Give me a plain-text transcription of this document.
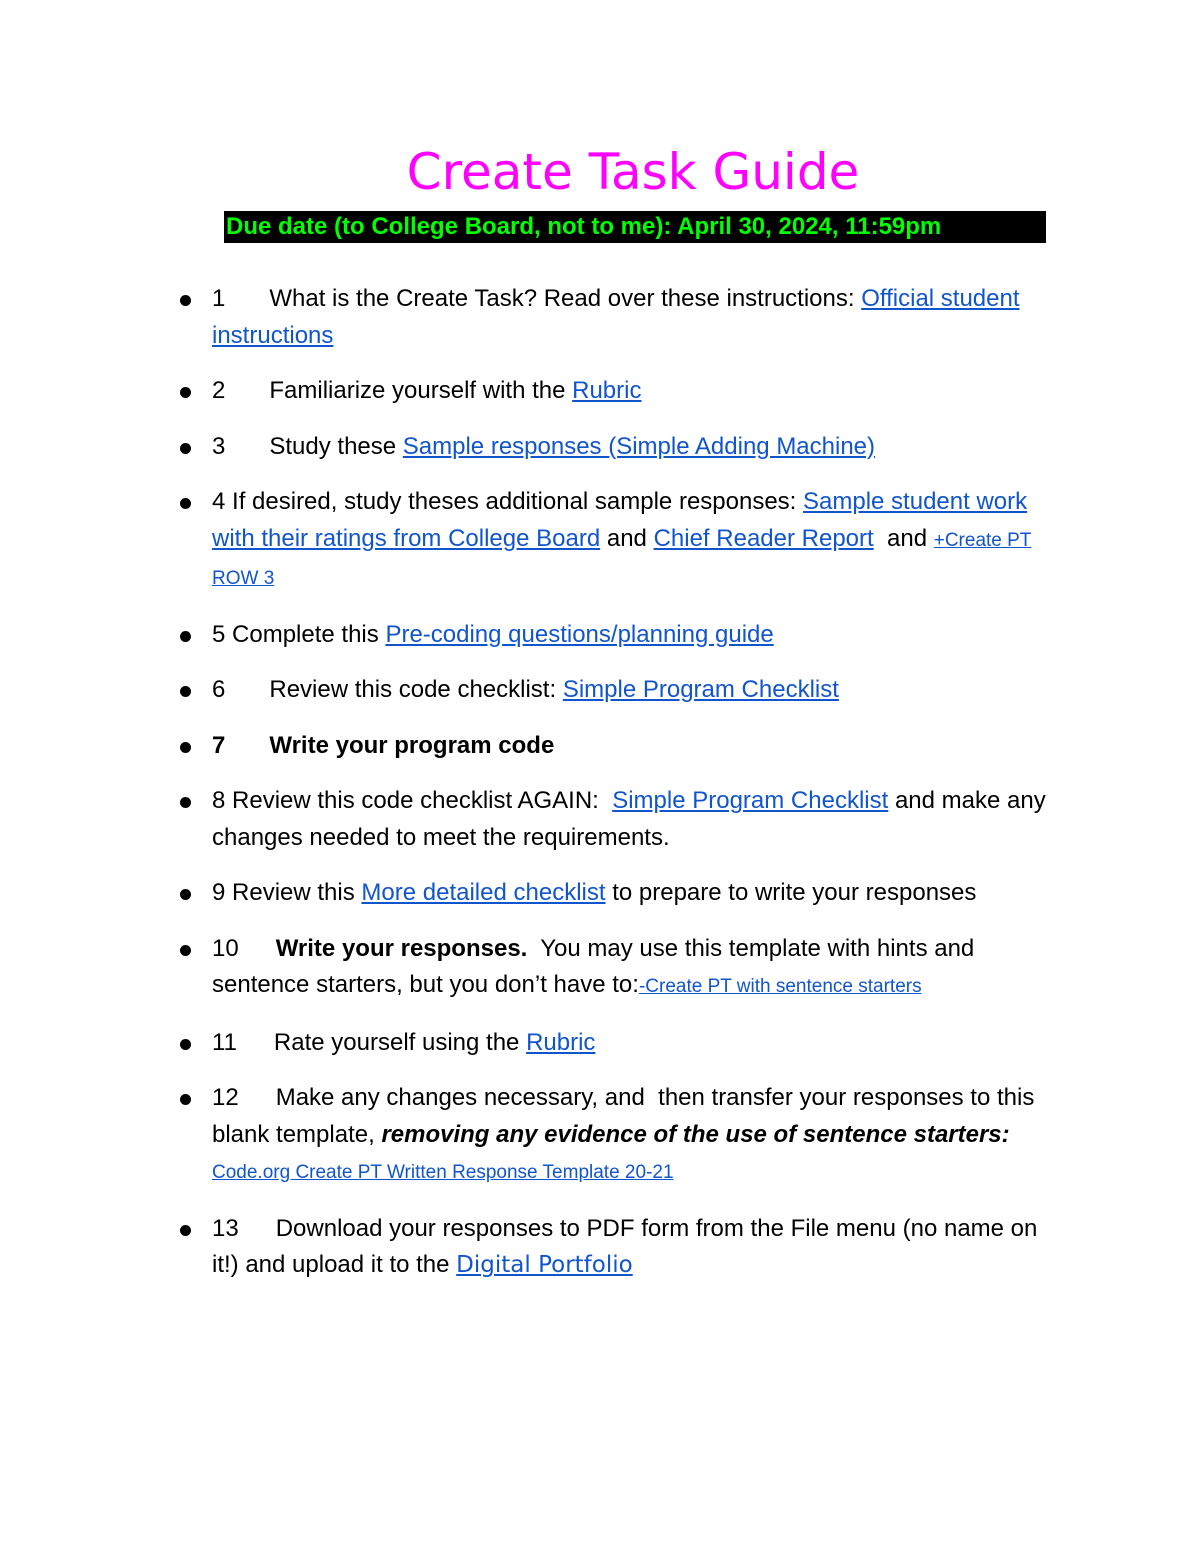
Create Task Guide
Due date (to College Board, not to me): April 30, 2024, 11:59pm
1 What is the Create Task? Read over these instructions: Official student instructions
2 Familiarize yourself with the Rubric
3 Study these Sample responses (Simple Adding Machine)
4 If desired, study theses additional sample responses: Sample student work with their ratings from College Board and Chief Reader Report  and +Create PT ROW 3
5 Complete this Pre-coding questions/planning guide
6 Review this code checklist: Simple Program Checklist
7 Write your program code
8 Review this code checklist AGAIN:  Simple Program Checklist and make any changes needed to meet the requirements.
9 Review this More detailed checklist to prepare to write your responses
10 Write your responses.  You may use this template with hints and sentence starters, but you don’t have to:-Create PT with sentence starters
11 Rate yourself using the Rubric
12 Make any changes necessary, and  then transfer your responses to this blank template, removing any evidence of the use of sentence starters: Code.org Create PT Written Response Template 20-21
13 Download your responses to PDF form from the File menu (no name on it!) and upload it to the Digital Portfolio
